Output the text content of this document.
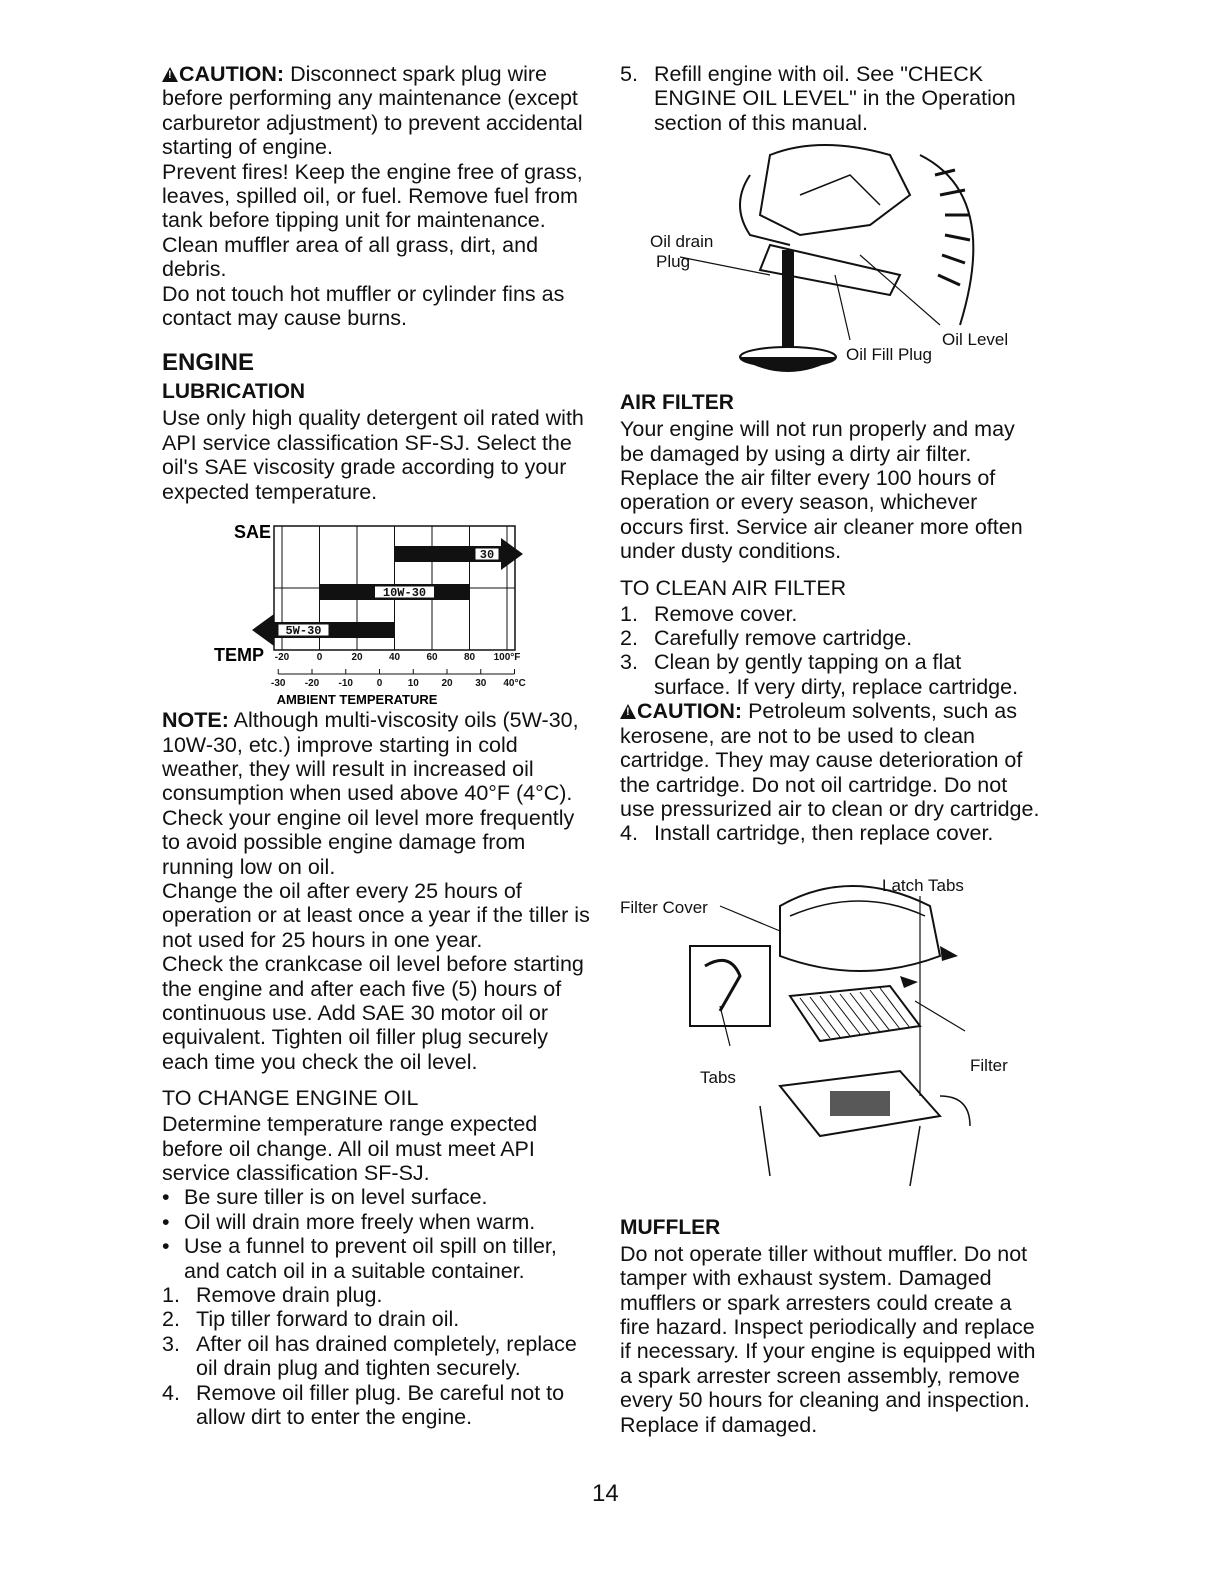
!CAUTION: Disconnect spark plug wire before performing any maintenance (except carburetor adjustment) to prevent accidental starting of engine.

Prevent fires! Keep the engine free of grass, leaves, spilled oil, or fuel. Remove fuel from tank before tipping unit for maintenance. Clean muffler area of all grass, dirt, and debris.

Do not touch hot muffler or cylinder fins as contact may cause burns.

ENGINE
LUBRICATION

Use only high quality detergent oil rated with API service classification SF-SJ. Select the oil's SAE viscosity grade according to your expected temperature.

SAE
TEMP
AMBIENT TEMPERATURE
30
10W-30
5W-30
-20	0	20	40	60	80 100°F
-30 -20 -10 0	10 20 30 40°C

NOTE: Although multi-viscosity oils (5W-30, 10W-30, etc.) improve starting in cold weather, they will result in increased oil consumption when used above 40°F (4°C). Check your engine oil level more frequently to avoid possible engine damage from running low on oil.

Change the oil after every 25 hours of operation or at least once a year if the tiller is not used for 25 hours in one year.

Check the crankcase oil level before starting the engine and after each five (5) hours of continuous use. Add SAE 30 motor oil or equivalent. Tighten oil filler plug securely each time you check the oil level.

TO CHANGE ENGINE OIL

Determine temperature range expected before oil change. All oil must meet API service classification SF-SJ.

• Be sure tiller is on level surface.
• Oil will drain more freely when warm.
• Use a funnel to prevent oil spill on tiller, and catch oil in a suitable container.
1. Remove drain plug.
2. Tip tiller forward to drain oil.
3. After oil has drained completely, replace oil drain plug and tighten securely.
4. Remove oil filler plug. Be careful not to allow dirt to enter the engine.
5. Refill engine with oil. See "CHECK ENGINE OIL LEVEL" in the Operation section of this manual.
Oil drain
Plug
Oil Level
Oil Fill Plug
AIR FILTER

Your engine will not run properly and may be damaged by using a dirty air filter. Replace the air filter every 100 hours of operation or every season, whichever occurs first. Service air cleaner more often under dusty conditions.

TO CLEAN AIR FILTER
1. Remove cover.
2. Carefully remove cartridge.
3. Clean by gently tapping on a flat surface. If very dirty, replace cartridge.

!CAUTION: Petroleum solvents, such as kerosene, are not to be used to clean cartridge. They may cause deterioration of the cartridge. Do not oil cartridge. Do not use pressurized air to clean or dry cartridge.

4. Install cartridge, then replace cover.
Latch Tabs
Filter Cover
Tabs
Filter
MUFFLER

Do not operate tiller without muffler. Do not tamper with exhaust system. Damaged mufflers or spark arresters could create a fire hazard. Inspect periodically and replace if necessary. If your engine is equipped with a spark arrester screen assembly, remove every 50 hours for cleaning and inspection. Replace if damaged.

14
